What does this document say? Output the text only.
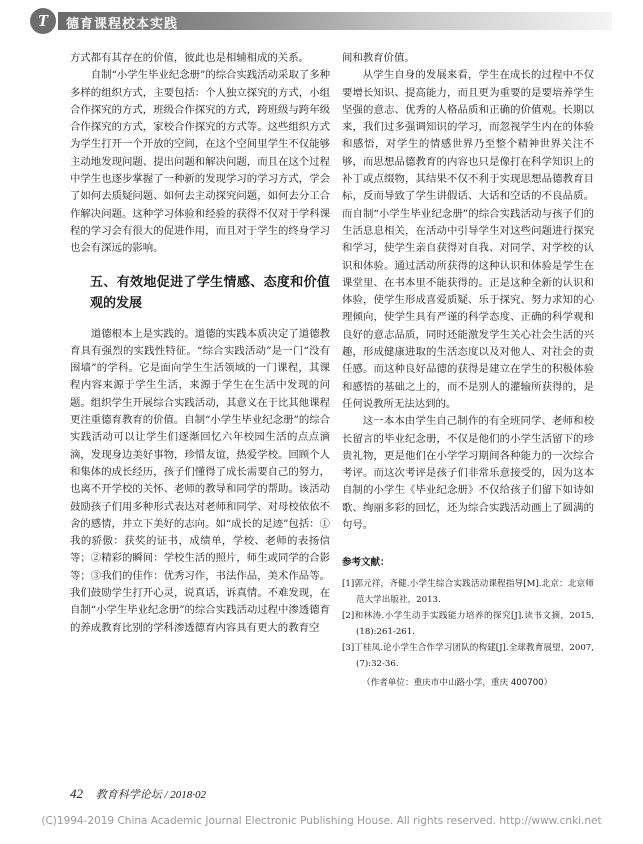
T	德育课程校本实践

方式都有其存在的价值，彼此也是相辅相成的关系。

自制“小学生毕业纪念册”的综合实践活动采取了多种多样的组织方式，主要包括：个人独立探究的方式，小组合作探究的方式，班级合作探究的方式，跨班级与跨年级合作探究的方式，家校合作探究的方式等。这些组织方式为学生打开一个开放的空间，在这个空间里学生不仅能够主动地发现问题、提出问题和解决问题，而且在这个过程中学生也逐步掌握了一种新的发现学习的学习方式，学会了如何去质疑问题、如何去主动探究问题，如何去分工合作解决问题。这种学习体验和经验的获得不仅对于学科课程的学习会有很大的促进作用，而且对于学生的终身学习也会有深远的影响。

五、有效地促进了学生情感、态度和价值观的发展

道德根本上是实践的。道德的实践本质决定了道德教育具有强烈的实践性特征。“综合实践活动”是一门“没有围墙”的学科。它是面向学生生活领域的一门课程，其课程内容来源于学生生活，来源于学生在生活中发现的问题。组织学生开展综合实践活动，其意义在于比其他课程更注重德育教育的价值。自制“小学生毕业纪念册”的综合实践活动可以让学生们逐渐回忆六年校园生活的点点滴滴，发现身边美好事物，珍惜友谊，热爱学校。回顾个人和集体的成长经历，孩子们懂得了成长需要自己的努力，也离不开学校的关怀、老师的教导和同学的帮助。该活动鼓励孩子们用多种形式表达对老师和同学、对母校依依不舍的感情，并立下美好的志向。如“成长的足迹”包括：①我的骄傲：获奖的证书，成绩单，学校、老师的表扬信等；②精彩的瞬间：学校生活的照片，师生或同学的合影等；③我们的佳作：优秀习作，书法作品，美术作品等。我们鼓励学生打开心灵，说真话，诉真情。不难发现，在自制“小学生毕业纪念册”的综合实践活动过程中渗透德育的养成教育比别的学科渗透德育内容具有更大的教育空

间和教育价值。

从学生自身的发展来看，学生在成长的过程中不仅要增长知识、提高能力，而且更为重要的是要培养学生坚强的意志、优秀的人格品质和正确的价值观。长期以来，我们过多强调知识的学习，而忽视学生内在的体验和感悟，对学生的情感世界乃至整个精神世界关注不够，而思想品德教育的内容也只是像打在科学知识上的补丁或点缀物，其结果不仅不利于实现思想品德教育目标，反而导致了学生讲假话、大话和空话的不良品质。而自制“小学生毕业纪念册”的综合实践活动与孩子们的生活息息相关，在活动中引导学生对这些问题进行探究和学习，使学生亲自获得对自我、对同学、对学校的认识和体验。通过活动所获得的这种认识和体验是学生在课堂里、在书本里不能获得的。正是这种全新的认识和体验，使学生形成喜爱质疑、乐于探究、努力求知的心理倾向，使学生具有严谨的科学态度、正确的科学观和良好的意志品质，同时还能激发学生关心社会生活的兴趣，形成健康进取的生活态度以及对他人、对社会的责任感。而这种良好品德的获得是建立在学生的积极体验和感悟的基础之上的，而不是别人的灌输所获得的，是任何说教所无法达到的。

这一本本由学生自己制作的有全班同学、老师和校长留言的毕业纪念册，不仅是他们的小学生活留下的珍贵礼物，更是他们在小学学习期间各种能力的一次综合考评。而这次考评是孩子们非常乐意接受的，因为这本自制的小学生《毕业纪念册》不仅给孩子们留下如诗如歌、绚丽多彩的回忆，还为综合实践活动画上了圆满的句号。

参考文献：
[1]郭元祥，齐健.小学生综合实践活动课程指导[M].北京：北京师范大学出版社，2013.
[2]和林涛.小学生动手实践能力培养的探究[J].读书文摘，2015,(18):261-261.
[3]丁桂凤.论小学生合作学习团队的构建[J].全球教育展望，2007,(7):32-36.
（作者单位：重庆市中山路小学，重庆 400700）
42 教育科学论坛 / 2018·02
(C)1994-2019 China Academic Journal Electronic Publishing House. All rights reserved. http://www.cnki.net
